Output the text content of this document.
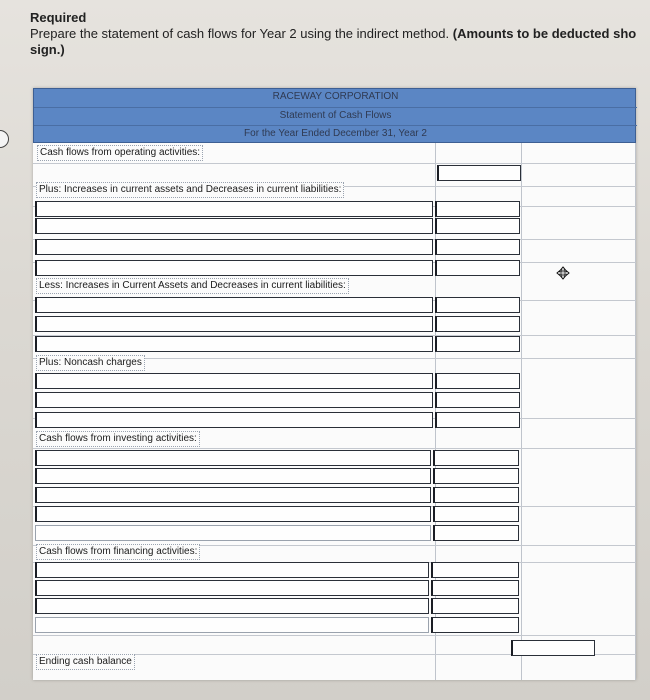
Required
Prepare the statement of cash flows for Year 2 using the indirect method. (Amounts to be deducted sho
sign.)
RACEWAY CORPORATION
Statement of Cash Flows
For the Year Ended December 31, Year 2
Cash flows from operating activities:
Plus: Increases in current assets and Decreases in current liabilities:
Less: Increases in Current Assets and Decreases in current liabilities:
Plus: Noncash charges
Cash flows from investing activities:
Cash flows from financing activities:
Ending cash balance
